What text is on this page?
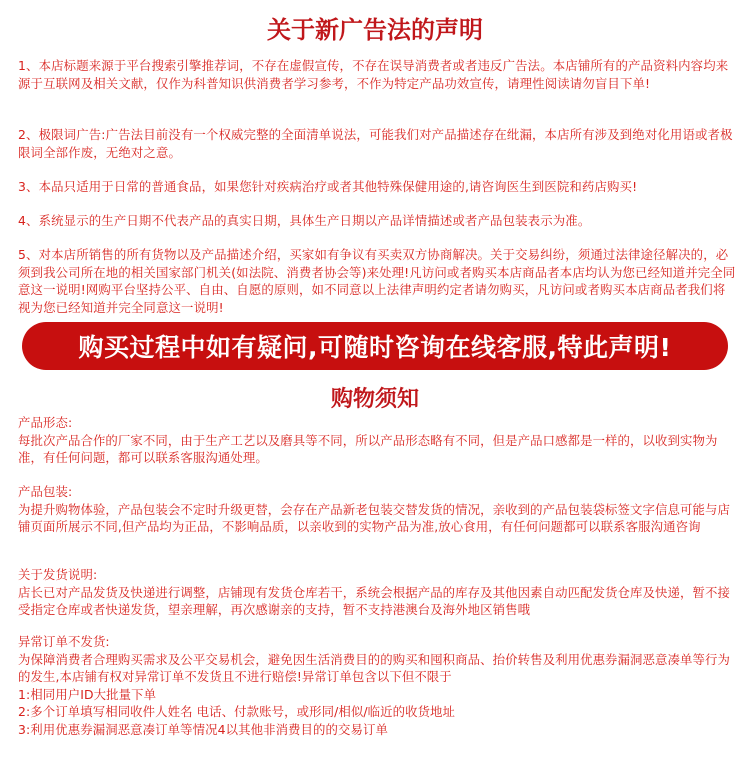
关于新广告法的声明
1、本店标题来源于平台搜索引擎推荐词，不存在虚假宣传，不存在误导消费者或者违反广告法。本店铺所有的产品资料内容均来源于互联网及相关文献，仅作为科普知识供消费者学习参考，不作为特定产品功效宣传，请理性阅读请勿盲目下单!
2、极限词广告:广告法目前没有一个权威完整的全面清单说法，可能我们对产品描述存在纰漏，本店所有涉及到绝对化用语或者极限词全部作废，无绝对之意。
3、本品只适用于日常的普通食品，如果您针对疾病治疗或者其他特殊保健用途的,请咨询医生到医院和药店购买!
4、系统显示的生产日期不代表产品的真实日期，具体生产日期以产品详情描述或者产品包装表示为准。
5、对本店所销售的所有货物以及产品描述介绍，买家如有争议有买卖双方协商解决。关于交易纠纷，须通过法律途径解决的，必须到我公司所在地的相关国家部门机关(如法院、消费者协会等)来处理!凡访问或者购买本店商品者本店均认为您已经知道并完全同意这一说明!网购平台坚持公平、自由、自愿的原则，如不同意以上法律声明约定者请勿购买，凡访问或者购买本店商品者我们将视为您已经知道并完全同意这一说明!
购买过程中如有疑问,可随时咨询在线客服,特此声明!
购物须知
产品形态:
每批次产品合作的厂家不同，由于生产工艺以及磨具等不同，所以产品形态略有不同，但是产品口感都是一样的，以收到实物为准，有任何问题，都可以联系客服沟通处理。
产品包装:
为提升购物体验，产品包装会不定时升级更替，会存在产品新老包装交替发货的情况，亲收到的产品包装袋标签文字信息可能与店铺页面所展示不同,但产品均为正品，不影响品质，以亲收到的实物产品为准,放心食用，有任何问题都可以联系客服沟通咨询
关于发货说明:
店长已对产品发货及快递进行调整，店铺现有发货仓库若干，系统会根据产品的库存及其他因素自动匹配发货仓库及快递，暂不接受指定仓库或者快递发货，望亲理解，再次感谢亲的支持，暂不支持港澳台及海外地区销售哦
异常订单不发货:
为保障消费者合理购买需求及公平交易机会，避免因生活消费目的的购买和囤积商品、抬价转售及利用优惠券漏洞恶意凑单等行为的发生,本店铺有权对异常订单不发货且不进行赔偿!异常订单包含以下但不限于
1:相同用户ID大批量下单
2:多个订单填写相同收件人姓名 电话、付款账号，或形同/相似/临近的收货地址
3:利用优惠券漏洞恶意凑订单等情况4以其他非消费目的的交易订单
